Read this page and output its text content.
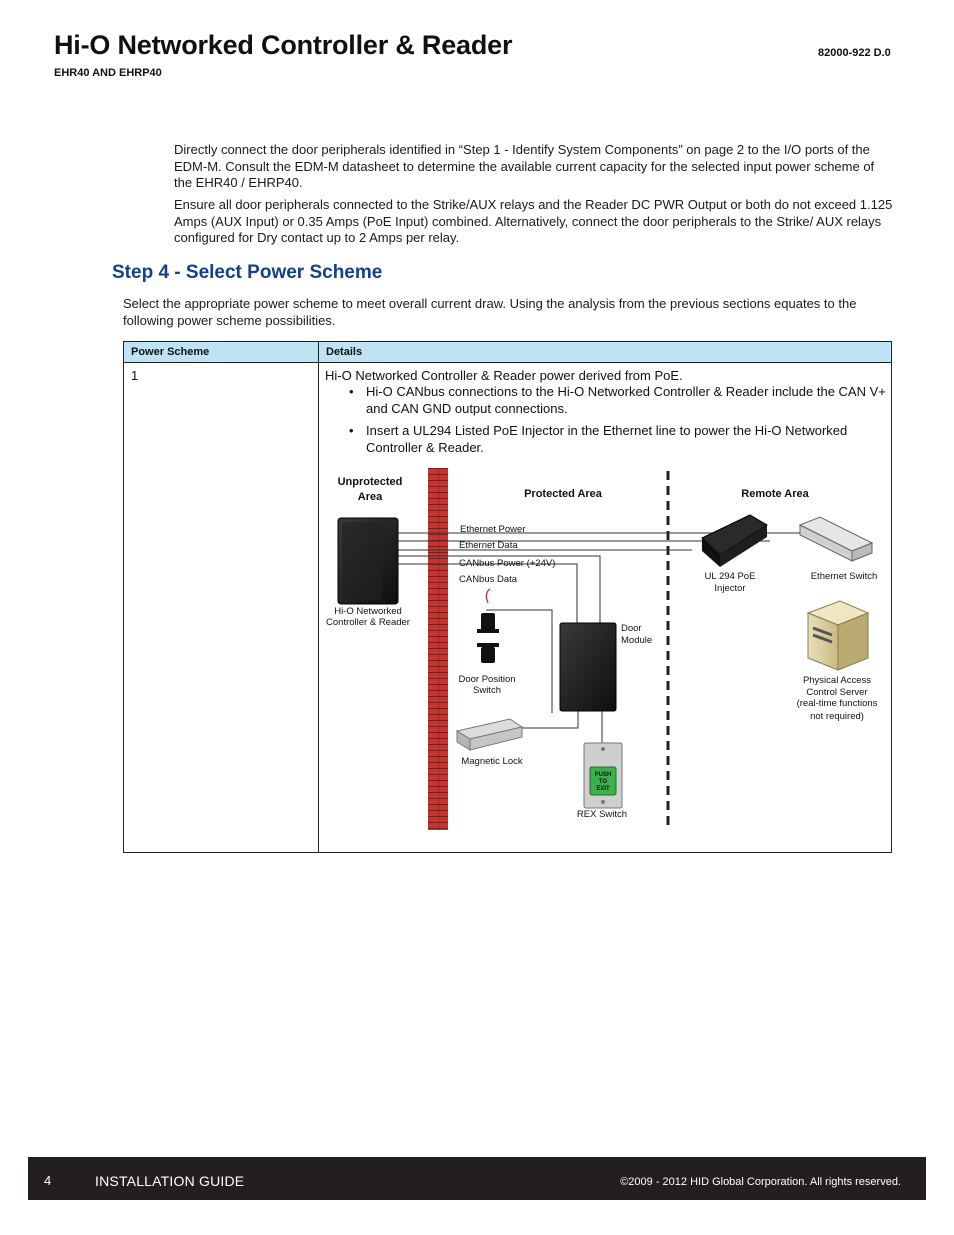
Hi-O Networked Controller & Reader
EHR40 AND EHRP40
82000-922 D.0
Directly connect the door peripherals identified in “Step 1 - Identify System Components” on page 2 to the I/O ports of the EDM-M. Consult the EDM-M datasheet to determine the available current capacity for the selected input power scheme of the EHR40 / EHRP40.
Ensure all door peripherals connected to the Strike/AUX relays and the Reader DC PWR Output or both do not exceed 1.125 Amps (AUX Input) or 0.35 Amps (PoE Input) combined. Alternatively, connect the door peripherals to the Strike/ AUX relays configured for Dry contact up to 2 Amps per relay.
Step 4 - Select Power Scheme
Select the appropriate power scheme to meet overall current draw. Using the analysis from the previous sections equates to the following power scheme possibilities.
Power Scheme	Details
1	Hi-O Networked Controller & Reader power derived from PoE.
• Hi-O CANbus connections to the Hi-O Networked Controller & Reader include the CAN V+ and CAN GND output connections.
• Insert a UL294 Listed PoE Injector in the Ethernet line to power the Hi-O Networked Controller & Reader.
Unprotected
Area	Protected Area	Remote Area
Ethernet Power
Ethernet Data
CANbus Power (+24V)
CANbus Data
Hi-O Networked
Controller & Reader
UL 294 PoE
Injector
Ethernet Switch
Physical Access
Control Server
(real-time functions
not required)
Door
Module
Door Position
Switch
Magnetic Lock
PUSH
TO
EXIT
REX Switch
4	INSTALLATION GUIDE	©2009 - 2012 HID Global Corporation. All rights reserved.
